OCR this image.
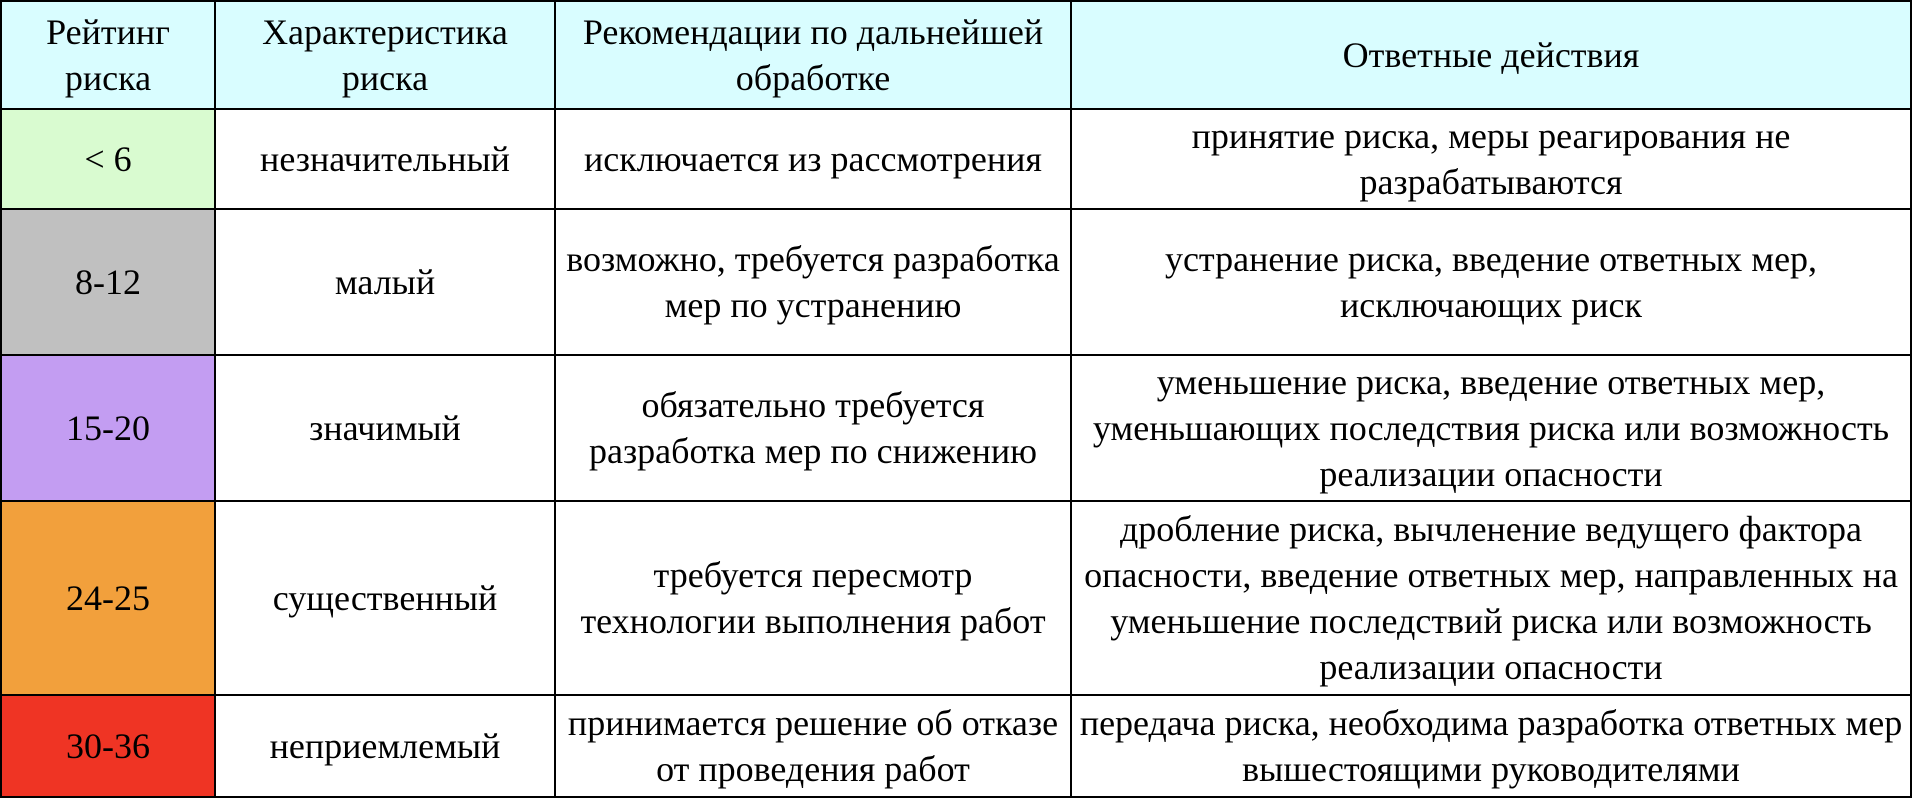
Рейтинг риска	Характеристика риска	Рекомендации по дальнейшей обработке	Ответные действия
< 6	незначительный	исключается из рассмотрения	принятие риска, меры реагирования не разрабатываются
8-12	малый	возможно, требуется разработка мер по устранению	устранение риска, введение ответных мер, исключающих риск
15-20	значимый	обязательно требуется разработка мер по снижению	уменьшение риска, введение ответных мер, уменьшающих последствия риска или возможность реализации опасности
24-25	существенный	требуется пересмотр технологии выполнения работ	дробление риска, вычленение ведущего фактора опасности, введение ответных мер, направленных на уменьшение последствий риска или возможность реализации опасности
30-36	неприемлемый	принимается решение об отказе от проведения работ	передача риска, необходима разработка ответных мер вышестоящими руководителями
